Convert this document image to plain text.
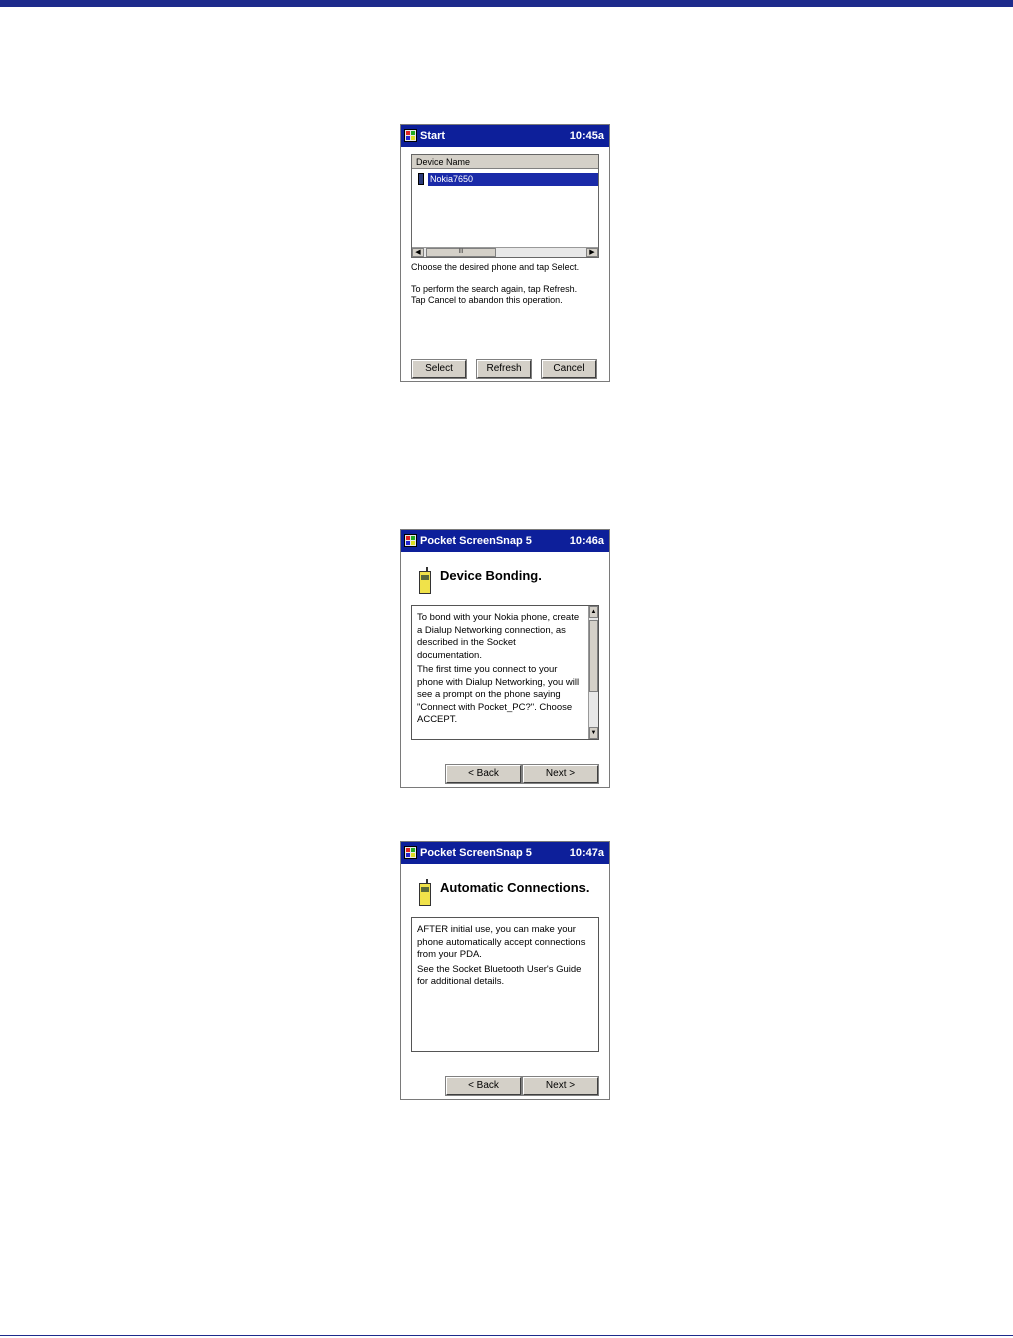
Start	10:45a
Device Name
Nokia7650
◀	III	▶
Choose the desired phone and tap Select.
To perform the search again, tap Refresh.
Tap Cancel to abandon this operation.
Select	Refresh	Cancel
Pocket ScreenSnap 5	10:46a
Device Bonding.

To bond with your Nokia phone, create a Dialup Networking connection, as described in the Socket documentation.

The first time you connect to your phone with Dialup Networking, you will see a prompt on the phone saying "Connect with Pocket_PC?". Choose ACCEPT.

▲
▼
< Back	Next >
Pocket ScreenSnap 5	10:47a
Automatic Connections.

AFTER initial use, you can make your phone automatically accept connections from your PDA.

See the Socket Bluetooth User's Guide for additional details.

< Back	Next >
